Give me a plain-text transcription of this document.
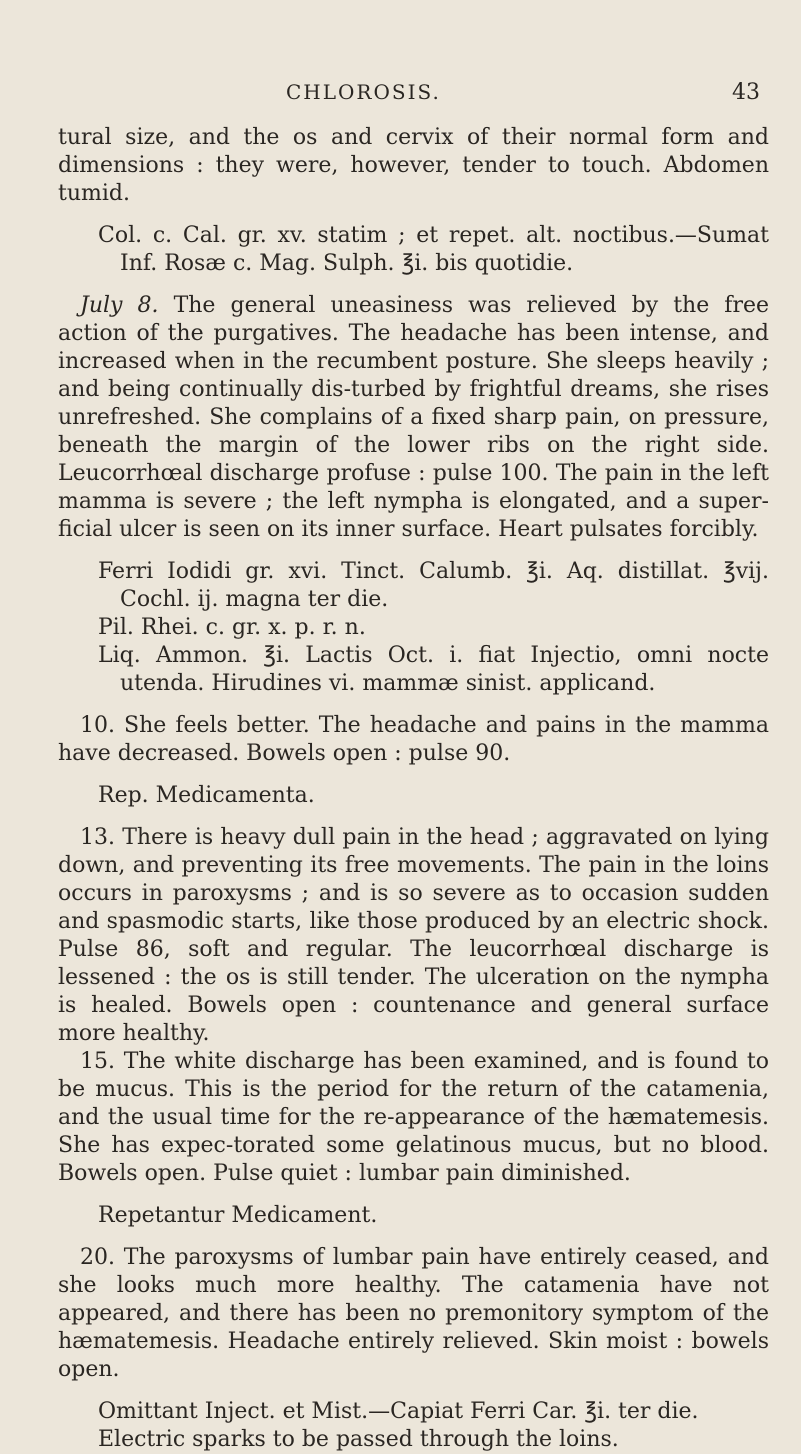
CHLOROSIS.	43

tural size, and the os and cervix of their normal form and dimensions : they were, however, tender to touch. Abdomen tumid.

Col. c. Cal. gr. xv. statim ; et repet. alt. noctibus.—Sumat Inf. Rosæ c. Mag. Sulph. ℥i. bis quotidie.

July 8. The general uneasiness was relieved by the free action of the purgatives. The headache has been intense, and increased when in the recumbent posture. She sleeps heavily ; and being continually dis-turbed by frightful dreams, she rises unrefreshed. She complains of a fixed sharp pain, on pressure, beneath the margin of the lower ribs on the right side. Leucorrhœal discharge profuse : pulse 100. The pain in the left mamma is severe ; the left nympha is elongated, and a super-ficial ulcer is seen on its inner surface. Heart pulsates forcibly.

Ferri Iodidi gr. xvi. Tinct. Calumb. ℥i. Aq. distillat. ℥vij. Cochl. ij. magna ter die.

Pil. Rhei. c. gr. x. p. r. n.

Liq. Ammon. ℥i. Lactis Oct. i. fiat Injectio, omni nocte utenda. Hirudines vi. mammæ sinist. applicand.

10. She feels better. The headache and pains in the mamma have decreased. Bowels open : pulse 90.

Rep. Medicamenta.

13. There is heavy dull pain in the head ; aggravated on lying down, and preventing its free movements. The pain in the loins occurs in paroxysms ; and is so severe as to occasion sudden and spasmodic starts, like those produced by an electric shock. Pulse 86, soft and regular. The leucorrhœal discharge is lessened : the os is still tender. The ulceration on the nympha is healed. Bowels open : countenance and general surface more healthy.

15. The white discharge has been examined, and is found to be mucus. This is the period for the return of the catamenia, and the usual time for the re-appearance of the hæmatemesis. She has expec-torated some gelatinous mucus, but no blood. Bowels open. Pulse quiet : lumbar pain diminished.

Repetantur Medicament.

20. The paroxysms of lumbar pain have entirely ceased, and she looks much more healthy. The catamenia have not appeared, and there has been no premonitory symptom of the hæmatemesis. Headache entirely relieved. Skin moist : bowels open.

Omittant Inject. et Mist.—Capiat Ferri Car. ℥i. ter die.

Electric sparks to be passed through the loins.
